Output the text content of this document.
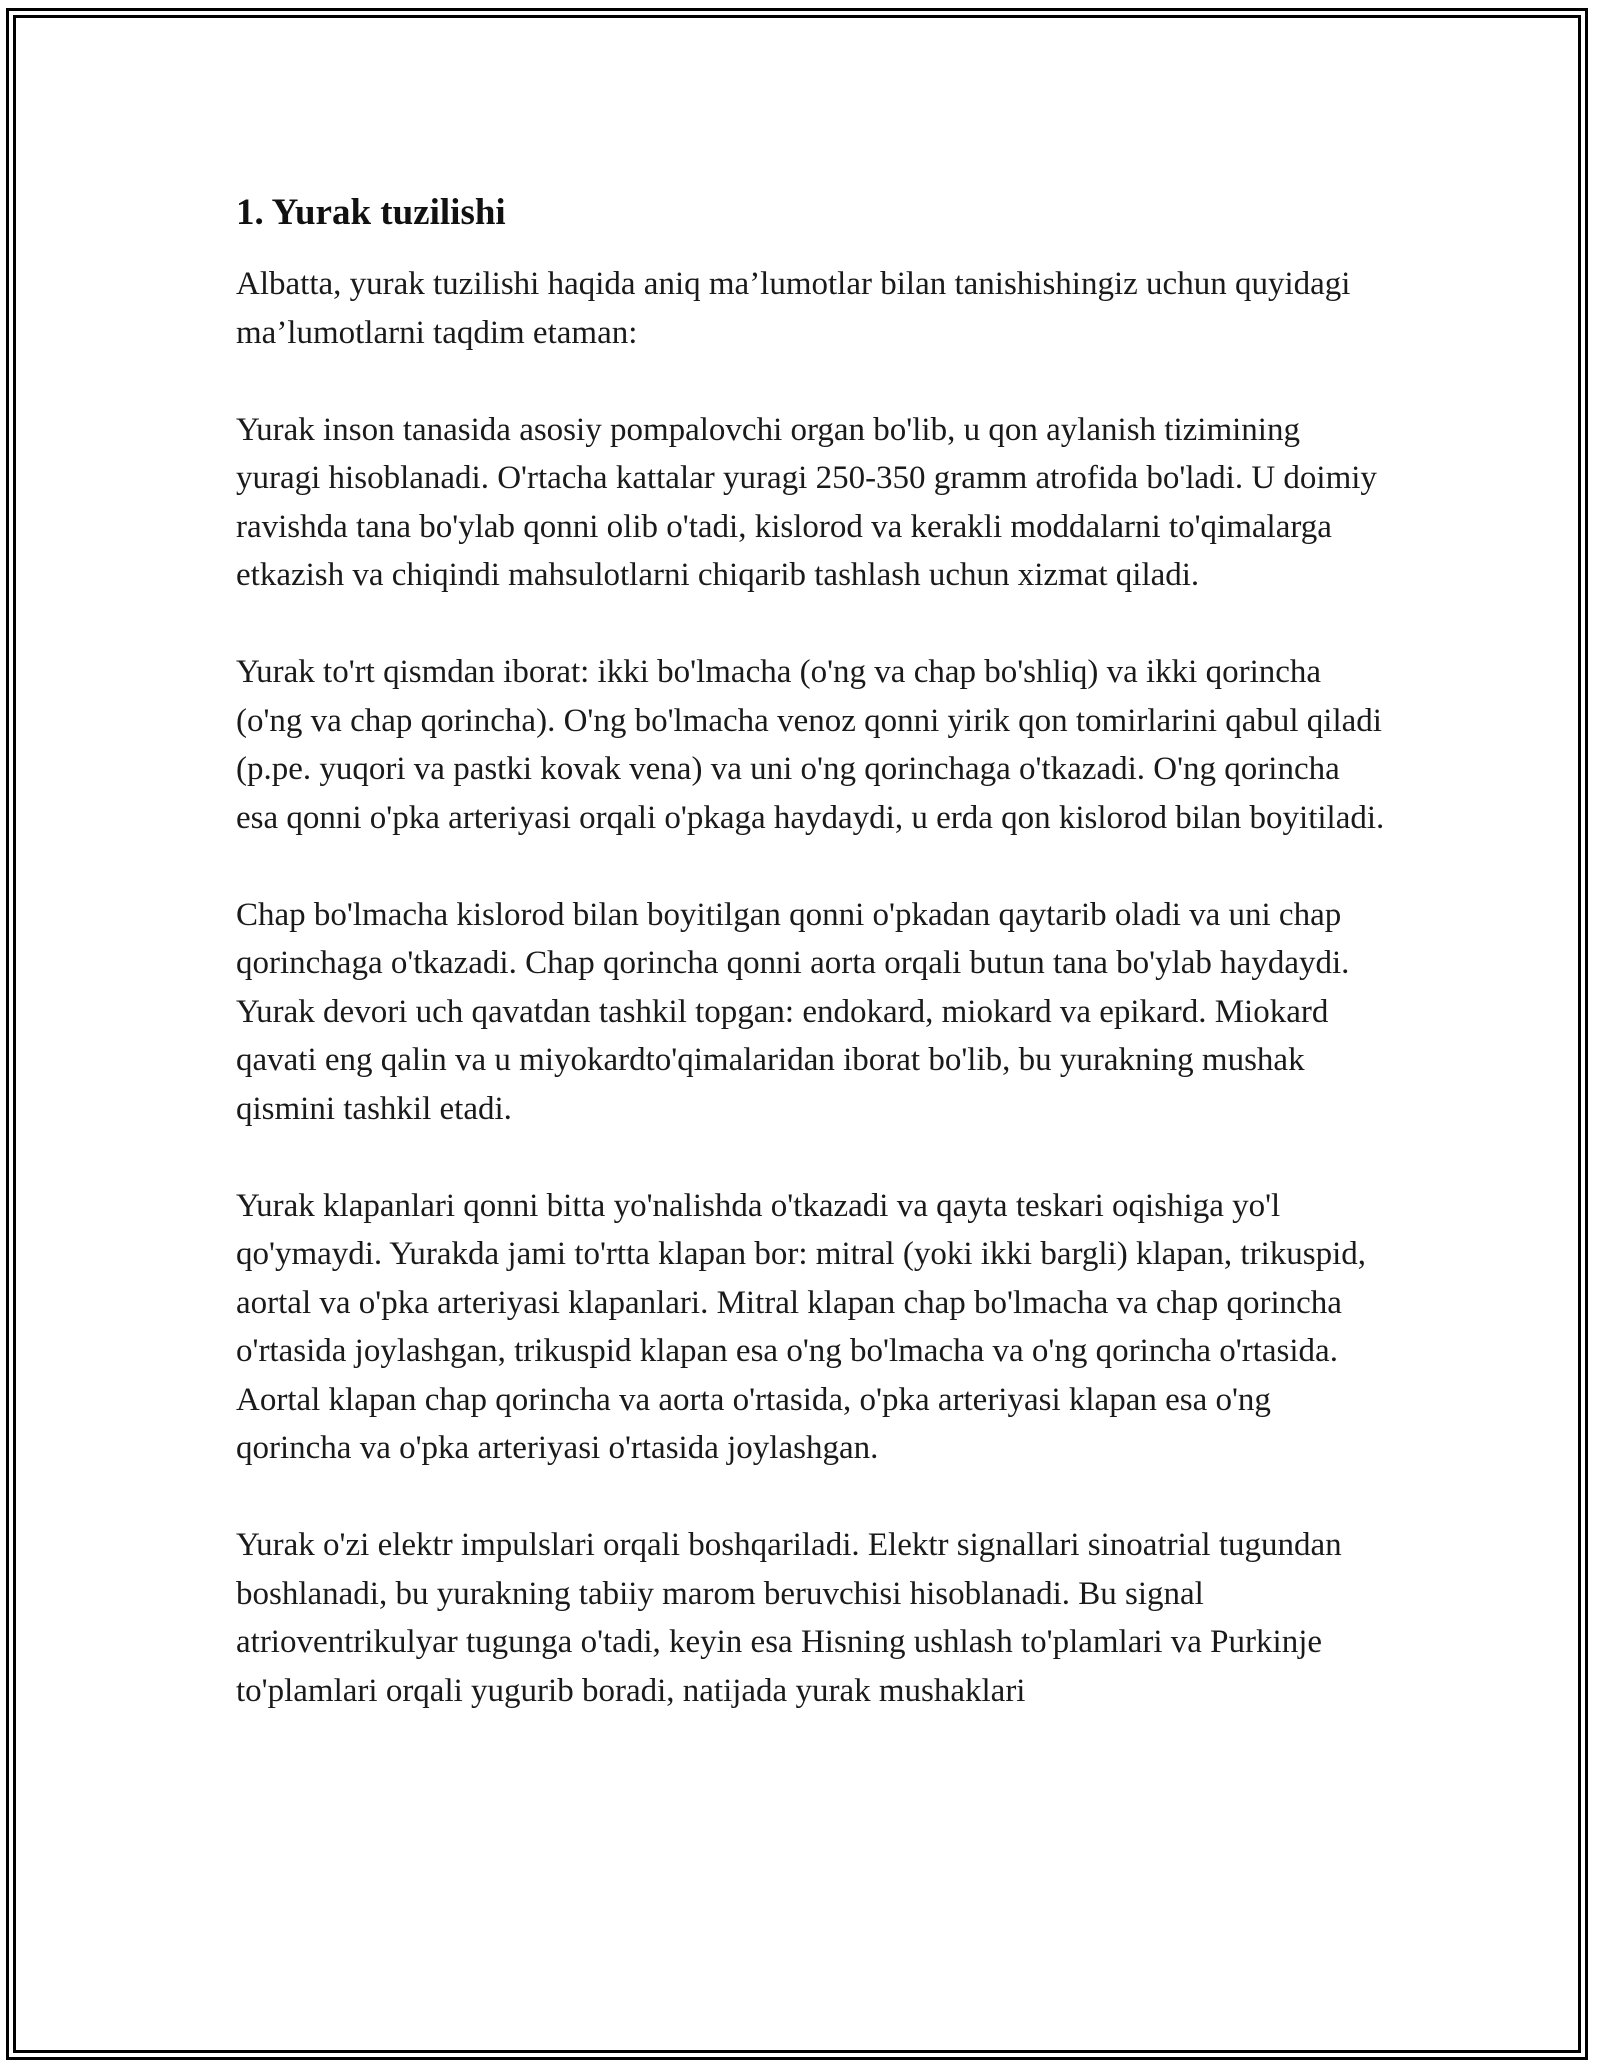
1. Yurak tuzilishi

Albatta, yurak tuzilishi haqida aniq ma’lumotlar bilan tanishishingiz uchun quyidagi ma’lumotlarni taqdim etaman:

Yurak inson tanasida asosiy pompalovchi organ bo'lib, u qon aylanish tizimining yuragi hisoblanadi. O'rtacha kattalar yuragi 250-350 gramm atrofida bo'ladi. U doimiy ravishda tana bo'ylab qonni olib o'tadi, kislorod va kerakli moddalarni to'qimalarga etkazish va chiqindi mahsulotlarni chiqarib tashlash uchun xizmat qiladi.

Yurak to'rt qismdan iborat: ikki bo'lmacha (o'ng va chap bo'shliq) va ikki qorincha (o'ng va chap qorincha). O'ng bo'lmacha venoz qonni yirik qon tomirlarini qabul qiladi (p.pe. yuqori va pastki kovak vena) va uni o'ng qorinchaga o'tkazadi. O'ng qorincha esa qonni o'pka arteriyasi orqali o'pkaga haydaydi, u erda qon kislorod bilan boyitiladi.

Chap bo'lmacha kislorod bilan boyitilgan qonni o'pkadan qaytarib oladi va uni chap qorinchaga o'tkazadi. Chap qorincha qonni aorta orqali butun tana bo'ylab haydaydi. Yurak devori uch qavatdan tashkil topgan: endokard, miokard va epikard. Miokard qavati eng qalin va u miyokardto'qimalaridan iborat bo'lib, bu yurakning mushak qismini tashkil etadi.

Yurak klapanlari qonni bitta yo'nalishda o'tkazadi va qayta teskari oqishiga yo'l qo'ymaydi. Yurakda jami to'rtta klapan bor: mitral (yoki ikki bargli) klapan, trikuspid, aortal va o'pka arteriyasi klapanlari. Mitral klapan chap bo'lmacha va chap qorincha o'rtasida joylashgan, trikuspid klapan esa o'ng bo'lmacha va o'ng qorincha o'rtasida. Aortal klapan chap qorincha va aorta o'rtasida, o'pka arteriyasi klapan esa o'ng qorincha va o'pka arteriyasi o'rtasida joylashgan.

Yurak o'zi elektr impulslari orqali boshqariladi. Elektr signallari sinoatrial tugundan boshlanadi, bu yurakning tabiiy marom beruvchisi hisoblanadi. Bu signal atrioventrikulyar tugunga o'tadi, keyin esa Hisning ushlash to'plamlari va Purkinje to'plamlari orqali yugurib boradi, natijada yurak mushaklari
